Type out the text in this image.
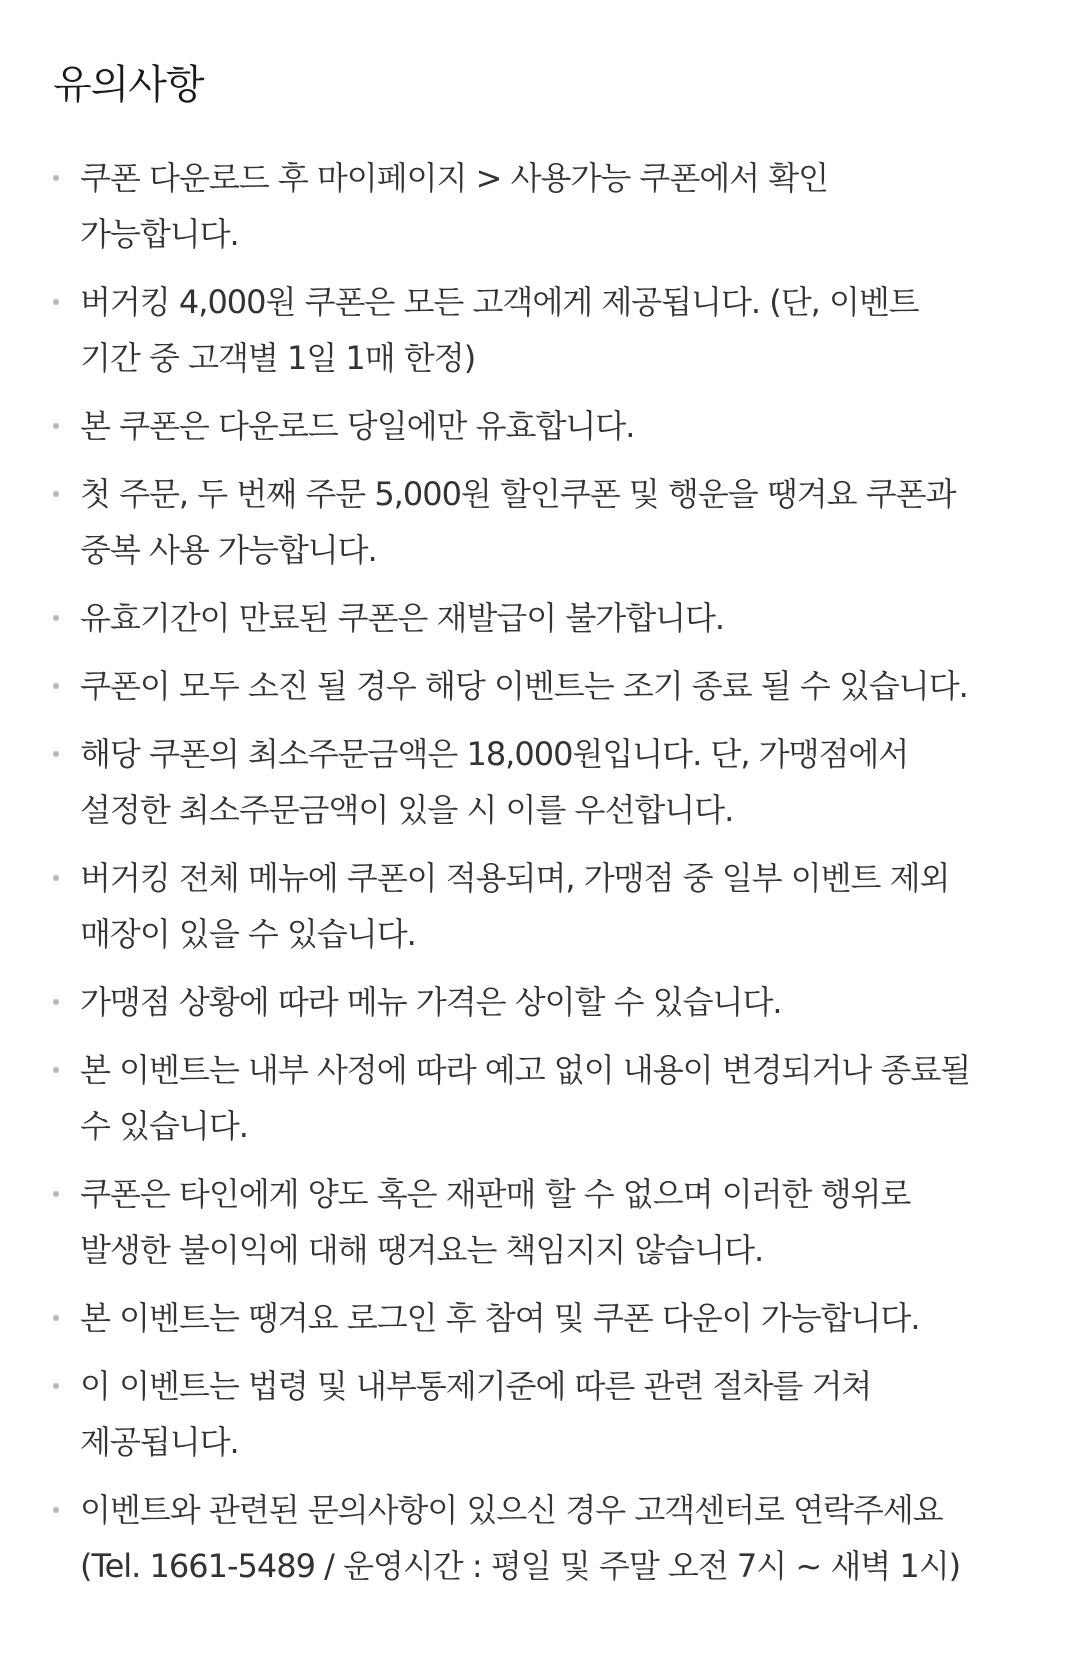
유의사항
쿠폰 다운로드 후 마이페이지 > 사용가능 쿠폰에서 확인 가능합니다.
버거킹 4,000원 쿠폰은 모든 고객에게 제공됩니다. (단, 이벤트 기간 중 고객별 1일 1매 한정)
본 쿠폰은 다운로드 당일에만 유효합니다.
첫 주문, 두 번째 주문 5,000원 할인쿠폰 및 행운을 땡겨요 쿠폰과 중복 사용 가능합니다.
유효기간이 만료된 쿠폰은 재발급이 불가합니다.
쿠폰이 모두 소진 될 경우 해당 이벤트는 조기 종료 될 수 있습니다.
해당 쿠폰의 최소주문금액은 18,000원입니다. 단, 가맹점에서 설정한 최소주문금액이 있을 시 이를 우선합니다.
버거킹 전체 메뉴에 쿠폰이 적용되며, 가맹점 중 일부 이벤트 제외 매장이 있을 수 있습니다.
가맹점 상황에 따라 메뉴 가격은 상이할 수 있습니다.
본 이벤트는 내부 사정에 따라 예고 없이 내용이 변경되거나 종료될 수 있습니다.
쿠폰은 타인에게 양도 혹은 재판매 할 수 없으며 이러한 행위로 발생한 불이익에 대해 땡겨요는 책임지지 않습니다.
본 이벤트는 땡겨요 로그인 후 참여 및 쿠폰 다운이 가능합니다.
이 이벤트는 법령 및 내부통제기준에 따른 관련 절차를 거쳐 제공됩니다.
이벤트와 관련된 문의사항이 있으신 경우 고객센터로 연락주세요 (Tel. 1661-5489 / 운영시간 : 평일 및 주말 오전 7시 ~ 새벽 1시)
